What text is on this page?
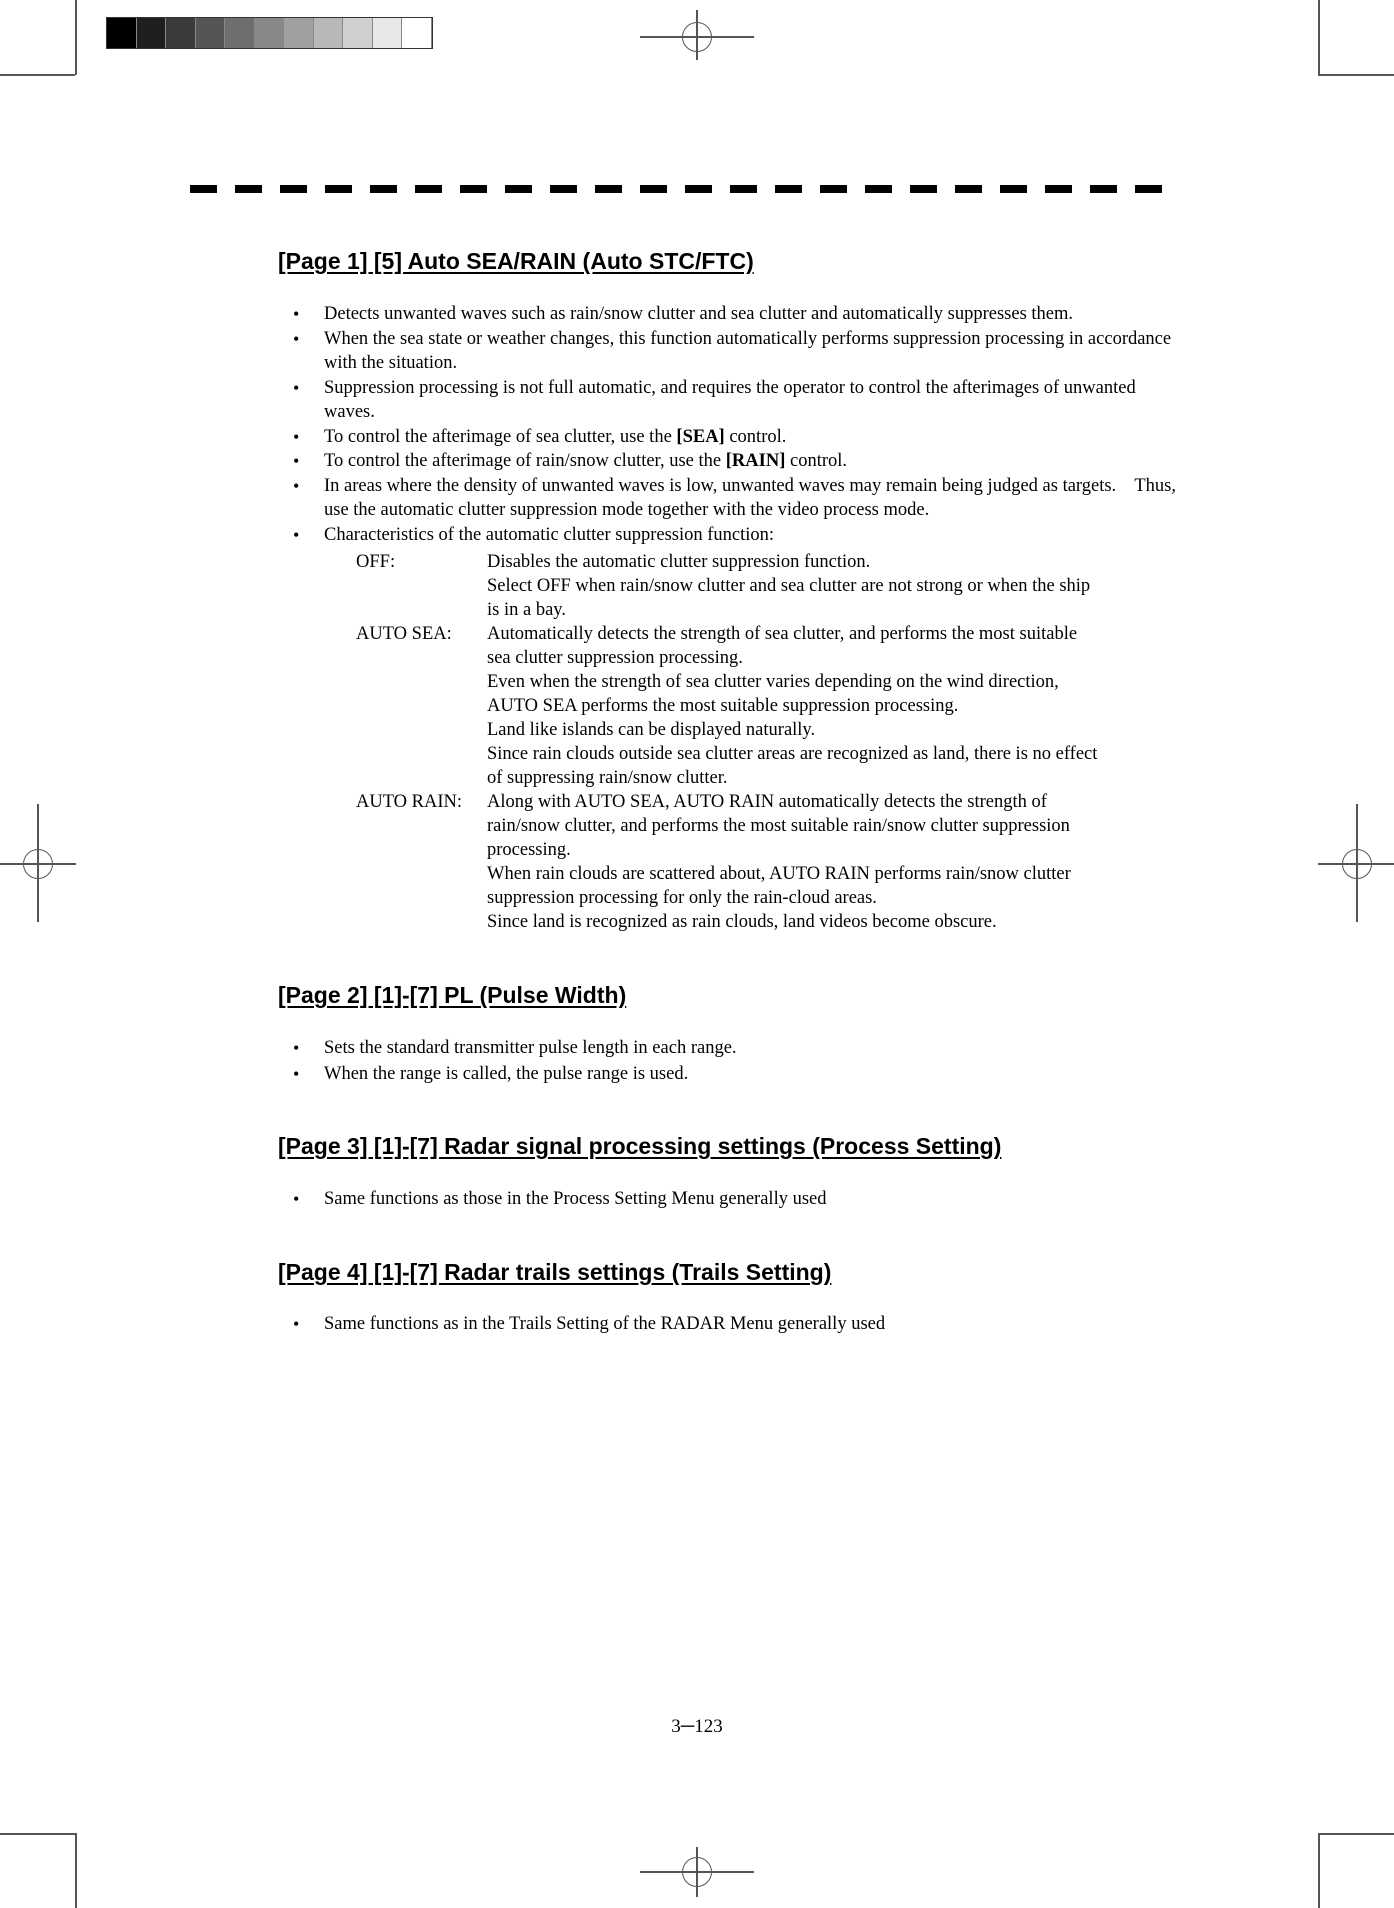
[Page 1] [5] Auto SEA/RAIN (Auto STC/FTC)
• Detects unwanted waves such as rain/snow clutter and sea clutter and automatically suppresses them.
• When the sea state or weather changes, this function automatically performs suppression processing in accordance with the situation.
• Suppression processing is not full automatic, and requires the operator to control the afterimages of unwanted waves.
• To control the afterimage of sea clutter, use the [SEA] control.
• To control the afterimage of rain/snow clutter, use the [RAIN] control.
• In areas where the density of unwanted waves is low, unwanted waves may remain being judged as targets.    Thus, use the automatic clutter suppression mode together with the video process mode.
• Characteristics of the automatic clutter suppression function:
OFF:	Disables the automatic clutter suppression function.
Select OFF when rain/snow clutter and sea clutter are not strong or when the ship
is in a bay.
AUTO SEA:	Automatically detects the strength of sea clutter, and performs the most suitable
sea clutter suppression processing.
Even when the strength of sea clutter varies depending on the wind direction,
AUTO SEA performs the most suitable suppression processing.
Land like islands can be displayed naturally.
Since rain clouds outside sea clutter areas are recognized as land, there is no effect
of suppressing rain/snow clutter.
AUTO RAIN:	Along with AUTO SEA, AUTO RAIN automatically detects the strength of
rain/snow clutter, and performs the most suitable rain/snow clutter suppression
processing.
When rain clouds are scattered about, AUTO RAIN performs rain/snow clutter
suppression processing for only the rain-cloud areas.
Since land is recognized as rain clouds, land videos become obscure.
[Page 2] [1]-[7] PL (Pulse Width)
• Sets the standard transmitter pulse length in each range.
• When the range is called, the pulse range is used.
[Page 3] [1]-[7] Radar signal processing settings (Process Setting)
• Same functions as those in the Process Setting Menu generally used
[Page 4] [1]-[7] Radar trails settings (Trails Setting)
• Same functions as in the Trails Setting of the RADAR Menu generally used
3─123
